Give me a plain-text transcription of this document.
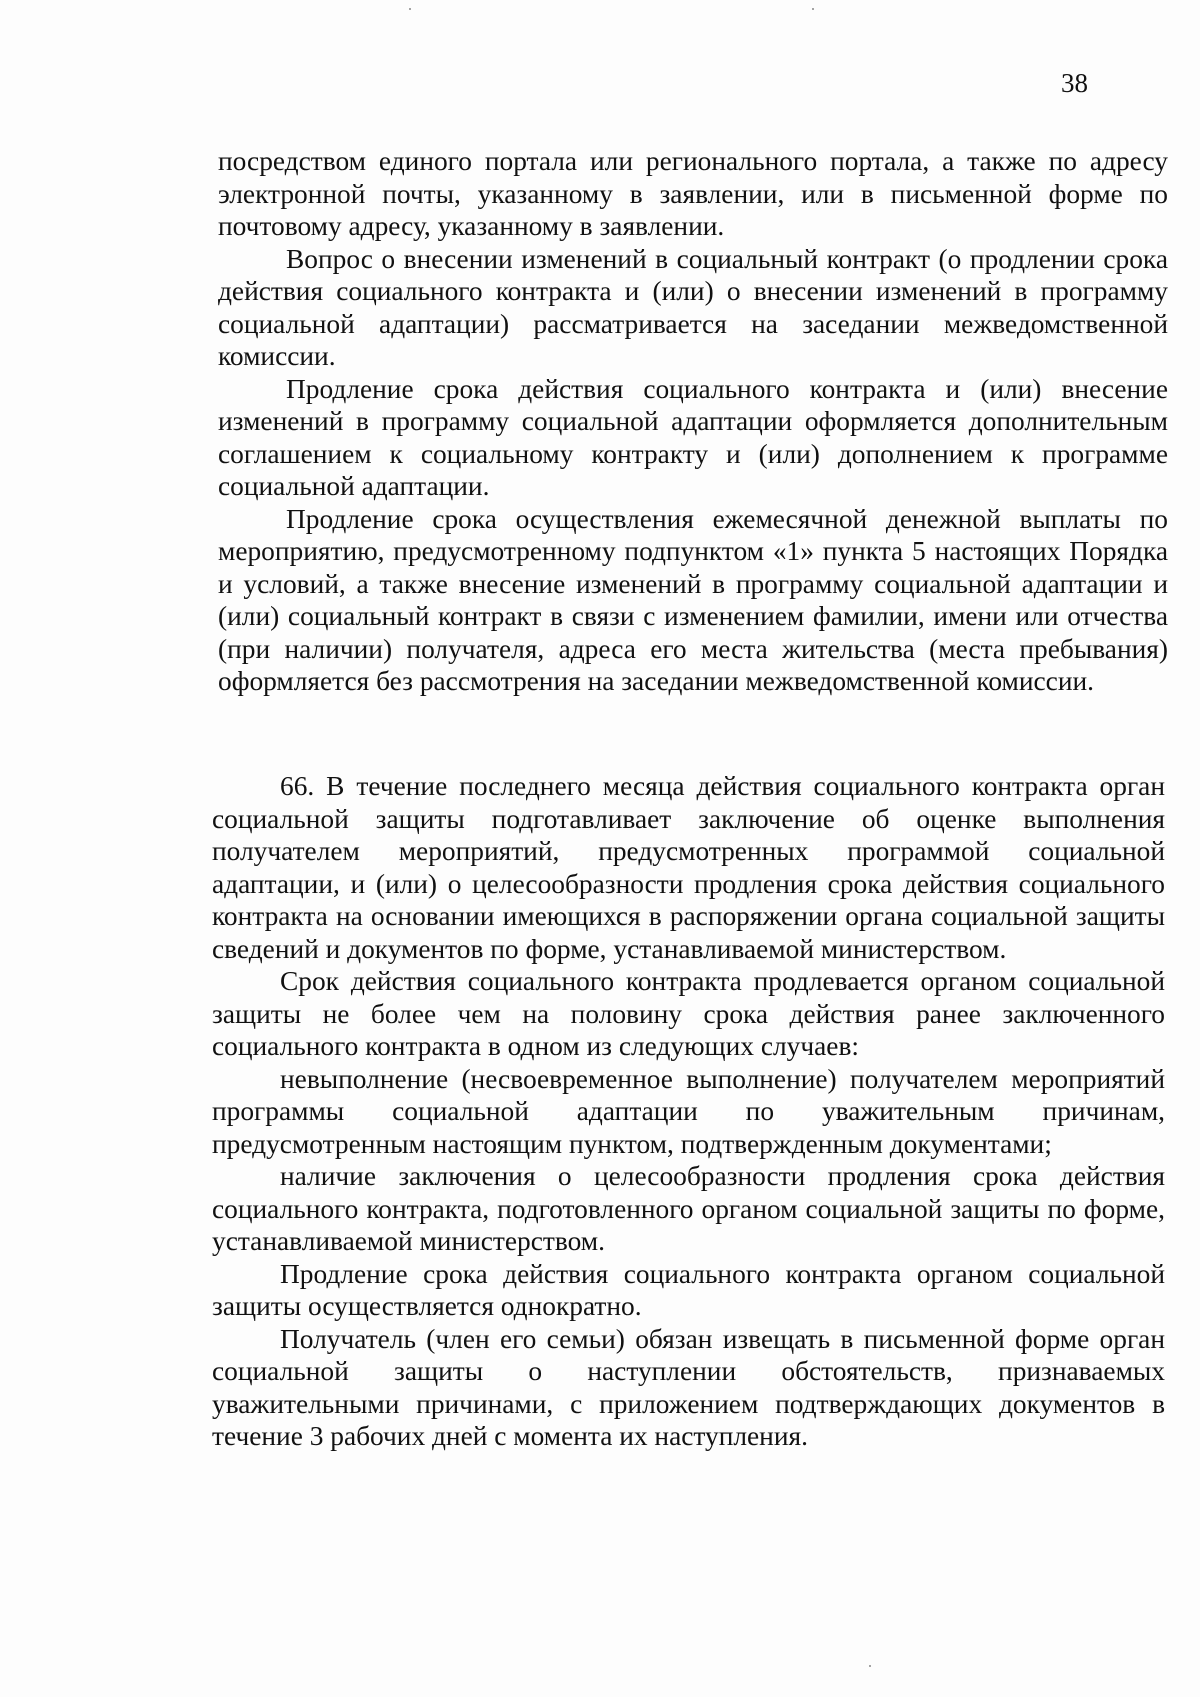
38

посредством единого портала или регионального портала, а также по адресу электронной почты, указанному в заявлении, или в письменной форме по почтовому адресу, указанному в заявлении.

Вопрос о внесении изменений в социальный контракт (о продлении срока действия социального контракта и (или) о внесении изменений в программу социальной адаптации) рассматривается на заседании межведомственной комиссии.

Продление срока действия социального контракта и (или) внесение изменений в программу социальной адаптации оформляется дополнительным соглашением к социальному контракту и (или) дополнением к программе социальной адаптации.

Продление срока осуществления ежемесячной денежной выплаты по мероприятию, предусмотренному подпунктом «1» пункта 5 настоящих Порядка и условий, а также внесение изменений в программу социальной адаптации и (или) социальный контракт в связи с изменением фамилии, имени или отчества (при наличии) получателя, адреса его места жительства (места пребывания) оформляется без рассмотрения на заседании межведомственной комиссии.

66. В течение последнего месяца действия социального контракта орган социальной защиты подготавливает заключение об оценке выполнения получателем мероприятий, предусмотренных программой социальной адаптации, и (или) о целесообразности продления срока действия социального контракта на основании имеющихся в распоряжении органа социальной защиты сведений и документов по форме, устанавливаемой министерством.

Срок действия социального контракта продлевается органом социальной защиты не более чем на половину срока действия ранее заключенного социального контракта в одном из следующих случаев:

невыполнение (несвоевременное выполнение) получателем мероприятий программы социальной адаптации по уважительным причинам, предусмотренным настоящим пунктом, подтвержденным документами;

наличие заключения о целесообразности продления срока действия социального контракта, подготовленного органом социальной защиты по форме, устанавливаемой министерством.

Продление срока действия социального контракта органом социальной защиты осуществляется однократно.

Получатель (член его семьи) обязан извещать в письменной форме орган социальной защиты о наступлении обстоятельств, признаваемых уважительными причинами, с приложением подтверждающих документов в течение 3 рабочих дней с момента их наступления.
